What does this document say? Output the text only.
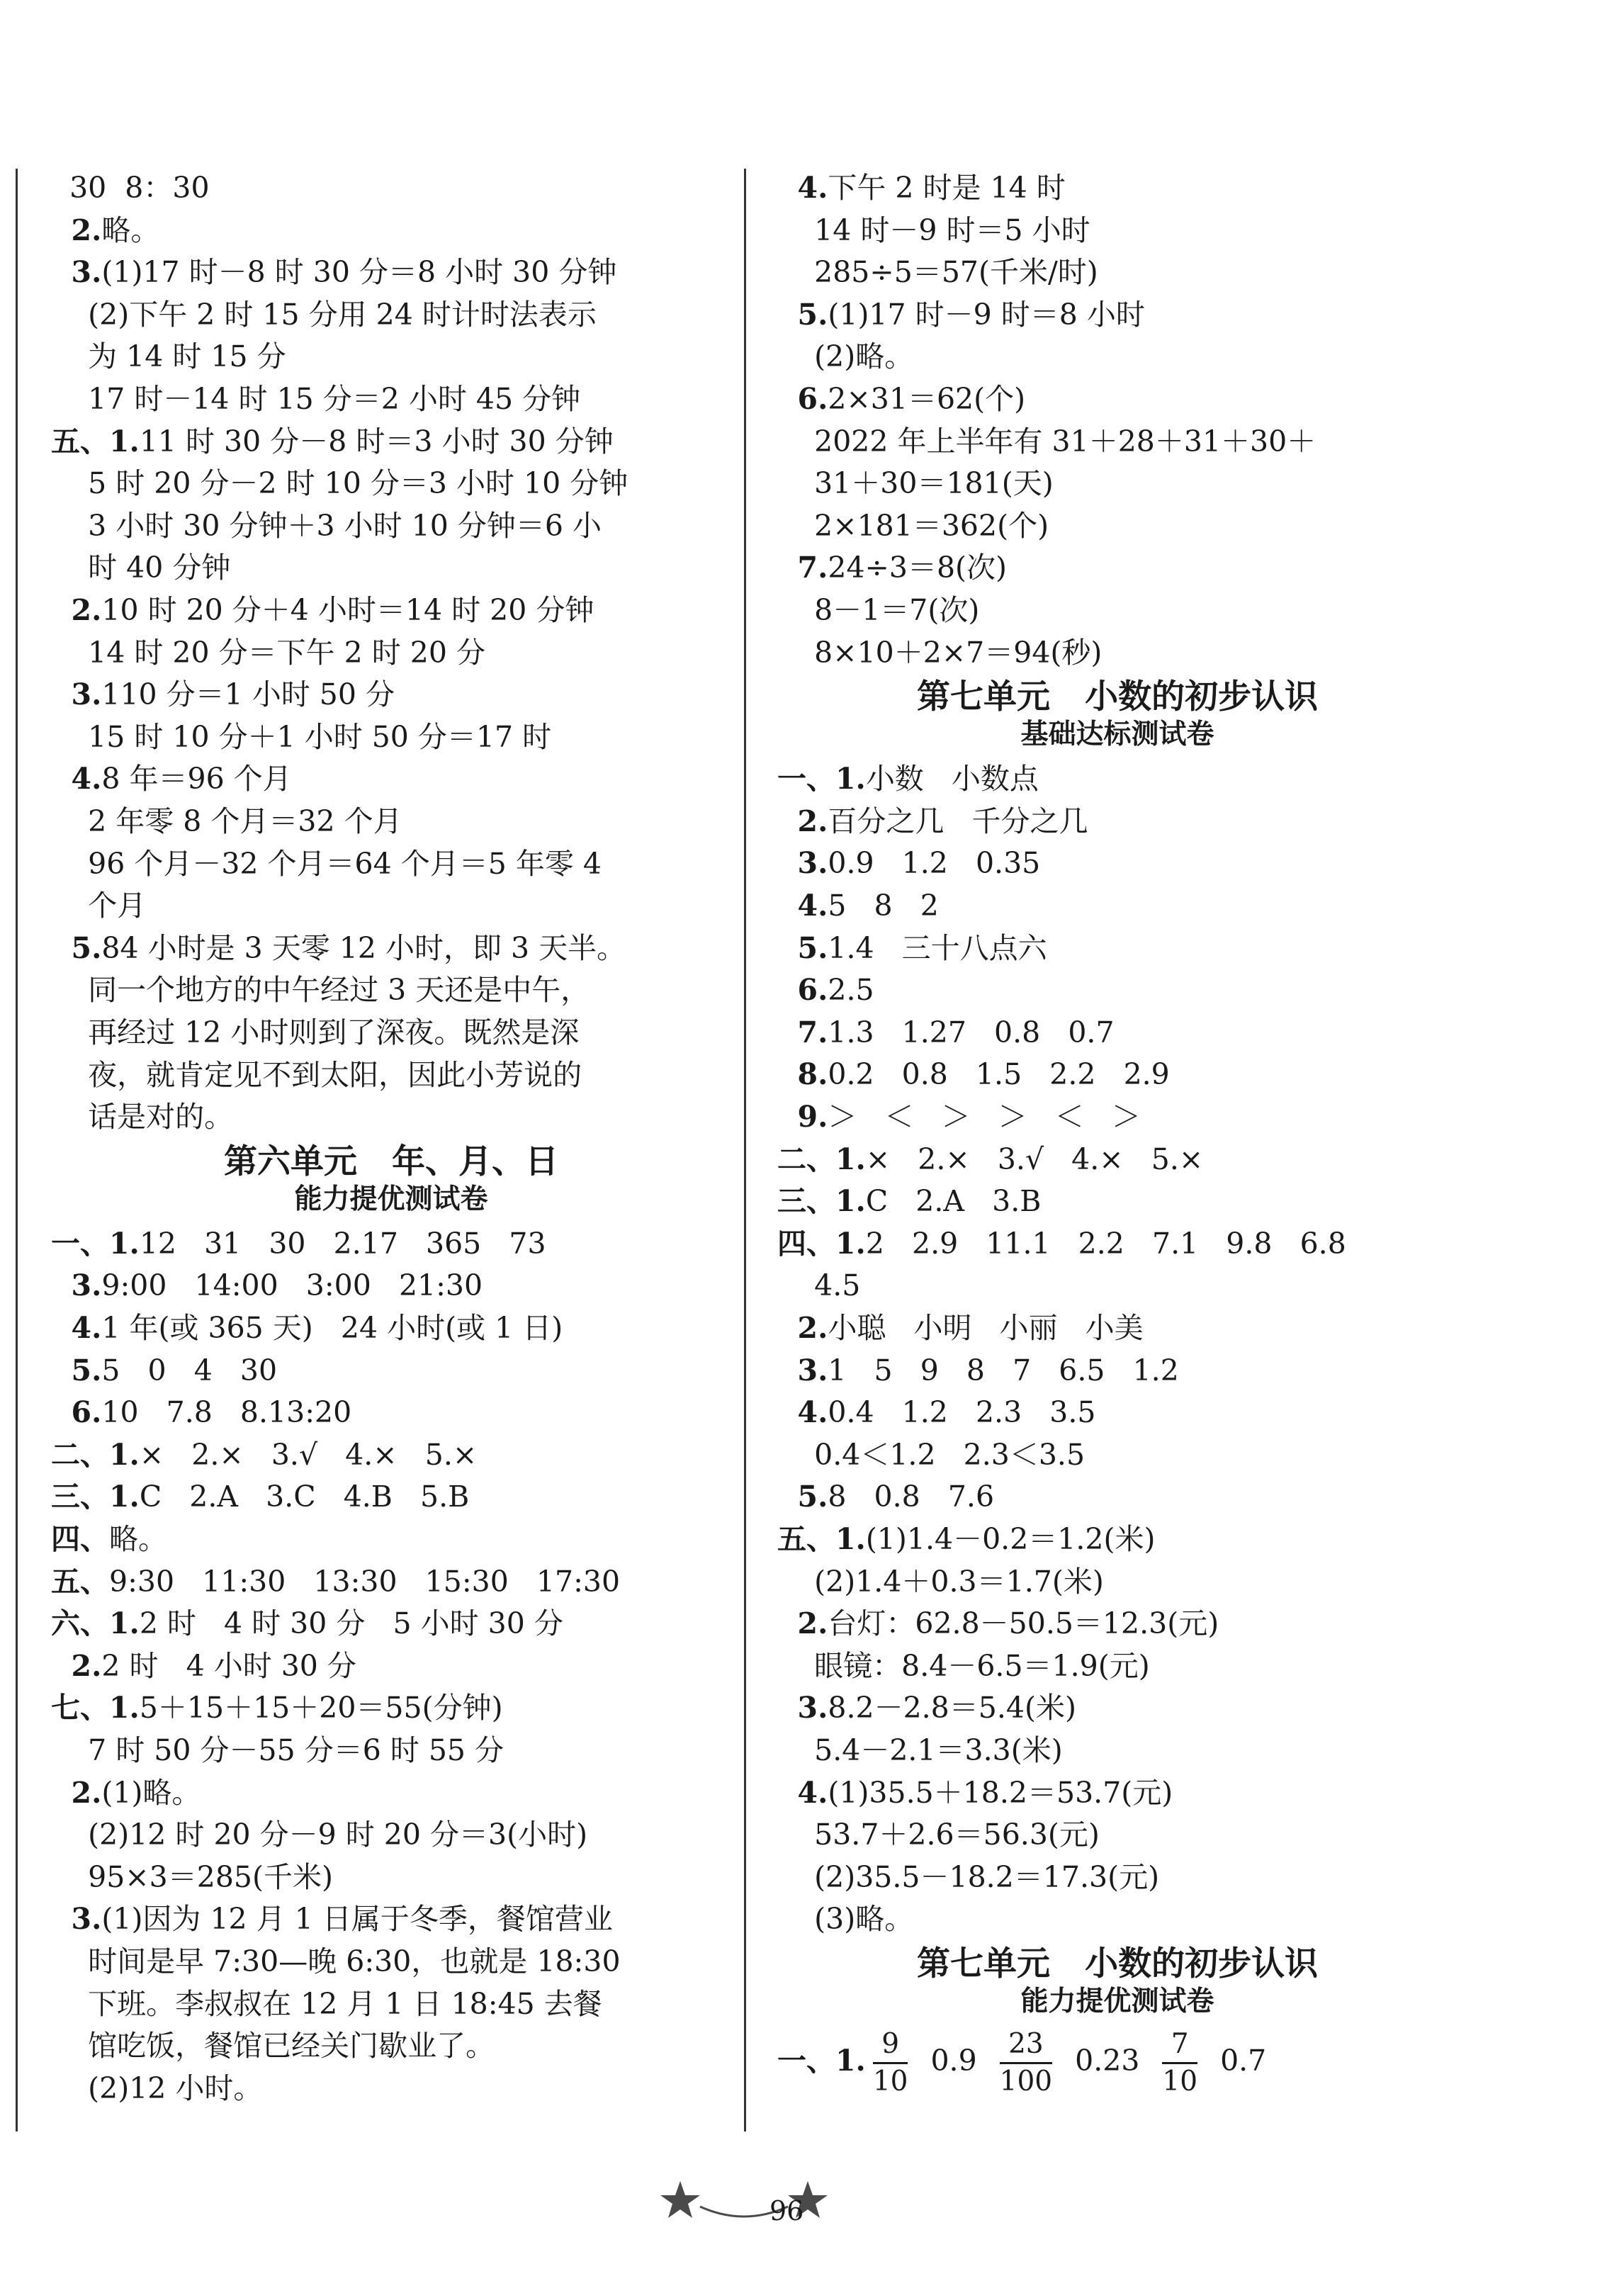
30  8：30
2.略。
3.(1)17 时－8 时 30 分＝8 小时 30 分钟
(2)下午 2 时 15 分用 24 时计时法表示
为 14 时 15 分
17 时－14 时 15 分＝2 小时 45 分钟
五、1.11 时 30 分－8 时＝3 小时 30 分钟
5 时 20 分－2 时 10 分＝3 小时 10 分钟
3 小时 30 分钟＋3 小时 10 分钟＝6 小
时 40 分钟
2.10 时 20 分＋4 小时＝14 时 20 分钟
14 时 20 分＝下午 2 时 20 分
3.110 分＝1 小时 50 分
15 时 10 分＋1 小时 50 分＝17 时
4.8 年＝96 个月
2 年零 8 个月＝32 个月
96 个月－32 个月＝64 个月＝5 年零 4
个月
5.84 小时是 3 天零 12 小时，即 3 天半。
同一个地方的中午经过 3 天还是中午，
再经过 12 小时则到了深夜。既然是深
夜，就肯定见不到太阳，因此小芳说的
话是对的。
第六单元   年、月、日
能力提优测试卷
一、1.12   31   30   2.17   365   73
3.9:00   14:00   3:00   21:30
4.1 年(或 365 天)   24 小时(或 1 日)
5.5   0   4   30
6.10   7.8   8.13:20
二、1.×   2.×   3.√   4.×   5.×
三、1.C   2.A   3.C   4.B   5.B
四、略。
五、9:30   11:30   13:30   15:30   17:30
六、1.2 时   4 时 30 分   5 小时 30 分
2.2 时   4 小时 30 分
七、1.5＋15＋15＋20＝55(分钟)
7 时 50 分－55 分＝6 时 55 分
2.(1)略。
(2)12 时 20 分－9 时 20 分＝3(小时)
95×3＝285(千米)
3.(1)因为 12 月 1 日属于冬季，餐馆营业
时间是早 7:30—晚 6:30，也就是 18:30
下班。李叔叔在 12 月 1 日 18:45 去餐
馆吃饭，餐馆已经关门歇业了。
(2)12 小时。
4.下午 2 时是 14 时
14 时－9 时＝5 小时
285÷5＝57(千米/时)
5.(1)17 时－9 时＝8 小时
(2)略。
6.2×31＝62(个)
2022 年上半年有 31＋28＋31＋30＋
31＋30＝181(天)
2×181＝362(个)
7.24÷3＝8(次)
8－1＝7(次)
8×10＋2×7＝94(秒)
第七单元   小数的初步认识
基础达标测试卷
一、1.小数   小数点
2.百分之几   千分之几
3.0.9   1.2   0.35
4.5   8   2
5.1.4   三十八点六
6.2.5
7.1.3   1.27   0.8   0.7
8.0.2   0.8   1.5   2.2   2.9
9.＞   ＜   ＞   ＞   ＜   ＞
二、1.×   2.×   3.√   4.×   5.×
三、1.C   2.A   3.B
四、1.2   2.9   11.1   2.2   7.1   9.8   6.8
4.5
2.小聪   小明   小丽   小美
3.1   5   9   8   7   6.5   1.2
4.0.4   1.2   2.3   3.5
0.4＜1.2   2.3＜3.5
5.8   0.8   7.6
五、1.(1)1.4－0.2＝1.2(米)
(2)1.4＋0.3＝1.7(米)
2.台灯：62.8－50.5＝12.3(元)
眼镜：8.4－6.5＝1.9(元)
3.8.2－2.8＝5.4(米)
5.4－2.1＝3.3(米)
4.(1)35.5＋18.2＝53.7(元)
53.7＋2.6＝56.3(元)
(2)35.5－18.2＝17.3(元)
(3)略。
第七单元   小数的初步认识
能力提优测试卷
一、1. $\frac{9}{10} 0.9 \frac{23}{100} 0.23 \frac{7}{10} 0.7$
96
